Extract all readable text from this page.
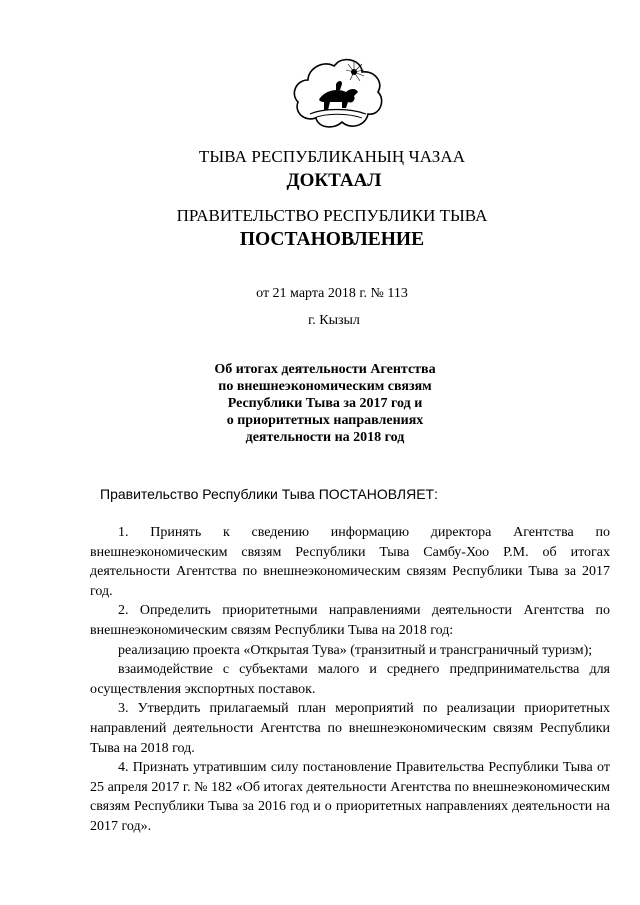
ТЫВА РЕСПУБЛИКАНЫҢ ЧАЗАА
ДОКТААЛ
ПРАВИТЕЛЬСТВО РЕСПУБЛИКИ ТЫВА
ПОСТАНОВЛЕНИЕ
от 21 марта 2018 г. № 113
г. Кызыл
Об итогах деятельности Агентства
по внешнеэкономическим связям
Республики Тыва за 2017 год и
о приоритетных направлениях
деятельности на 2018 год
Правительство Республики Тыва ПОСТАНОВЛЯЕТ:
1. Принять к сведению информацию директора Агентства по внешнеэкономическим связям Республики Тыва Самбу-Хоо Р.М. об итогах деятельности Агентства по внешнеэкономическим связям Республики Тыва за 2017 год.
2. Определить приоритетными направлениями деятельности Агентства по внешнеэкономическим связям Республики Тыва на 2018 год:
реализацию проекта «Открытая Тува» (транзитный и трансграничный туризм);
взаимодействие с субъектами малого и среднего предпринимательства для осуществления экспортных поставок.
3. Утвердить прилагаемый план мероприятий по реализации приоритетных направлений деятельности Агентства по внешнеэкономическим связям Республики Тыва на 2018 год.
4. Признать утратившим силу постановление Правительства Республики Тыва от 25 апреля 2017 г. № 182 «Об итогах деятельности Агентства по внешнеэкономическим связям Республики Тыва за 2016 год и о приоритетных направлениях деятельности на 2017 год».
